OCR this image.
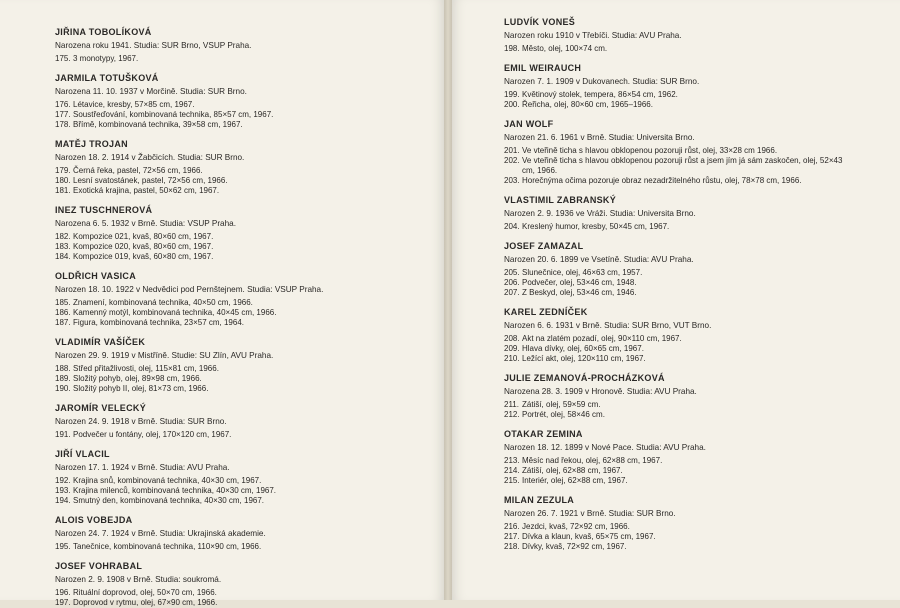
JIŘINA TOBOLÍKOVÁ
Narozena roku 1941. Studia: SUR Brno, VSUP Praha.
175. 3 monotypy, 1967.
JARMILA TOTUŠKOVÁ
Narozena 11. 10. 1937 v Morčině. Studia: SUR Brno.
176. Létavice, kresby, 57×85 cm, 1967.
177. Soustřeďování, kombinovaná technika, 85×57 cm, 1967.
178. Břímě, kombinovaná technika, 39×58 cm, 1967.
MATĚJ TROJAN
Narozen 18. 2. 1914 v Žabčicích. Studia: SUR Brno.
179. Černá řeka, pastel, 72×56 cm, 1966.
180. Lesní svatostánek, pastel, 72×56 cm, 1966.
181. Exotická krajina, pastel, 50×62 cm, 1967.
INEZ TUSCHNEROVÁ
Narozena 6. 5. 1932 v Brně. Studia: VSUP Praha.
182. Kompozice 021, kvaš, 80×60 cm, 1967.
183. Kompozice 020, kvaš, 80×60 cm, 1967.
184. Kompozice 019, kvaš, 60×80 cm, 1967.
OLDŘICH VASICA
Narozen 18. 10. 1922 v Nedvědici pod Pernštejnem. Studia: VSUP Praha.
185. Znamení, kombinovaná technika, 40×50 cm, 1966.
186. Kamenný motýl, kombinovaná technika, 40×45 cm, 1966.
187. Figura, kombinovaná technika, 23×57 cm, 1964.
VLADIMÍR VAŠÍČEK
Narozen 29. 9. 1919 v Mistříně. Studie: SU Zlín, AVU Praha.
188. Střed přitažlivosti, olej, 115×81 cm, 1966.
189. Složitý pohyb, olej, 89×98 cm, 1966.
190. Složitý pohyb II, olej, 81×73 cm, 1966.
JAROMÍR VELECKÝ
Narozen 24. 9. 1918 v Brně. Studia: SUR Brno.
191. Podvečer u fontány, olej, 170×120 cm, 1967.
JIŘÍ VLACIL
Narozen 17. 1. 1924 v Brně. Studia: AVU Praha.
192. Krajina snů, kombinovaná technika, 40×30 cm, 1967.
193. Krajina milenců, kombinovaná technika, 40×30 cm, 1967.
194. Smutný den, kombinovaná technika, 40×30 cm, 1967.
ALOIS VOBEJDA
Narozen 24. 7. 1924 v Brně. Studia: Ukrajinská akademie.
195. Tanečnice, kombinovaná technika, 110×90 cm, 1966.
JOSEF VOHRABAL
Narozen 2. 9. 1908 v Brně. Studia: soukromá.
196. Rituální doprovod, olej, 50×70 cm, 1966.
197. Doprovod v rytmu, olej, 67×90 cm, 1966.
LUDVÍK VONEŠ
Narozen roku 1910 v Třebíči. Studia: AVU Praha.
198. Město, olej, 100×74 cm.
EMIL WEIRAUCH
Narozen 7. 1. 1909 v Dukovanech. Studia: SUR Brno.
199. Květinový stolek, tempera, 86×54 cm, 1962.
200. Řeřicha, olej, 80×60 cm, 1965–1966.
JAN WOLF
Narozen 21. 6. 1961 v Brně. Studia: Universita Brno.
201. Ve vteřině ticha s hlavou obklopenou pozoruji růst, olej, 33×28 cm 1966.
202. Ve vteřině ticha s hlavou obklopenou pozoruji růst a jsem jím já sám zaskočen, olej, 52×43 cm, 1966.
203. Horečnýma očima pozoruje obraz nezadržitelného růstu, olej, 78×78 cm, 1966.
VLASTIMIL ZABRANSKÝ
Narozen 2. 9. 1936 ve Vráži. Studia: Universita Brno.
204. Kreslený humor, kresby, 50×45 cm, 1967.
JOSEF ZAMAZAL
Narozen 20. 6. 1899 ve Vsetíně. Studia: AVU Praha.
205. Slunečnice, olej, 46×63 cm, 1957.
206. Podvečer, olej, 53×46 cm, 1948.
207. Z Beskyd, olej, 53×46 cm, 1946.
KAREL ZEDNÍČEK
Narozen 6. 6. 1931 v Brně. Studia: SUR Brno, VUT Brno.
208. Akt na zlatém pozadí, olej, 90×110 cm, 1967.
209. Hlava dívky, olej, 60×65 cm, 1967.
210. Ležící akt, olej, 120×110 cm, 1967.
JULIE ZEMANOVÁ-PROCHÁZKOVÁ
Narozena 28. 3. 1909 v Hronově. Studia: AVU Praha.
211. Zátiší, olej, 59×59 cm.
212. Portrét, olej, 58×46 cm.
OTAKAR ZEMINA
Narozen 18. 12. 1899 v Nové Pace. Studia: AVU Praha.
213. Měsíc nad řekou, olej, 62×88 cm, 1967.
214. Zátiší, olej, 62×88 cm, 1967.
215. Interiér, olej, 62×88 cm, 1967.
MILAN ZEZULA
Narozen 26. 7. 1921 v Brně. Studia: SUR Brno.
216. Jezdci, kvaš, 72×92 cm, 1966.
217. Dívka a klaun, kvaš, 65×75 cm, 1967.
218. Dívky, kvaš, 72×92 cm, 1967.
